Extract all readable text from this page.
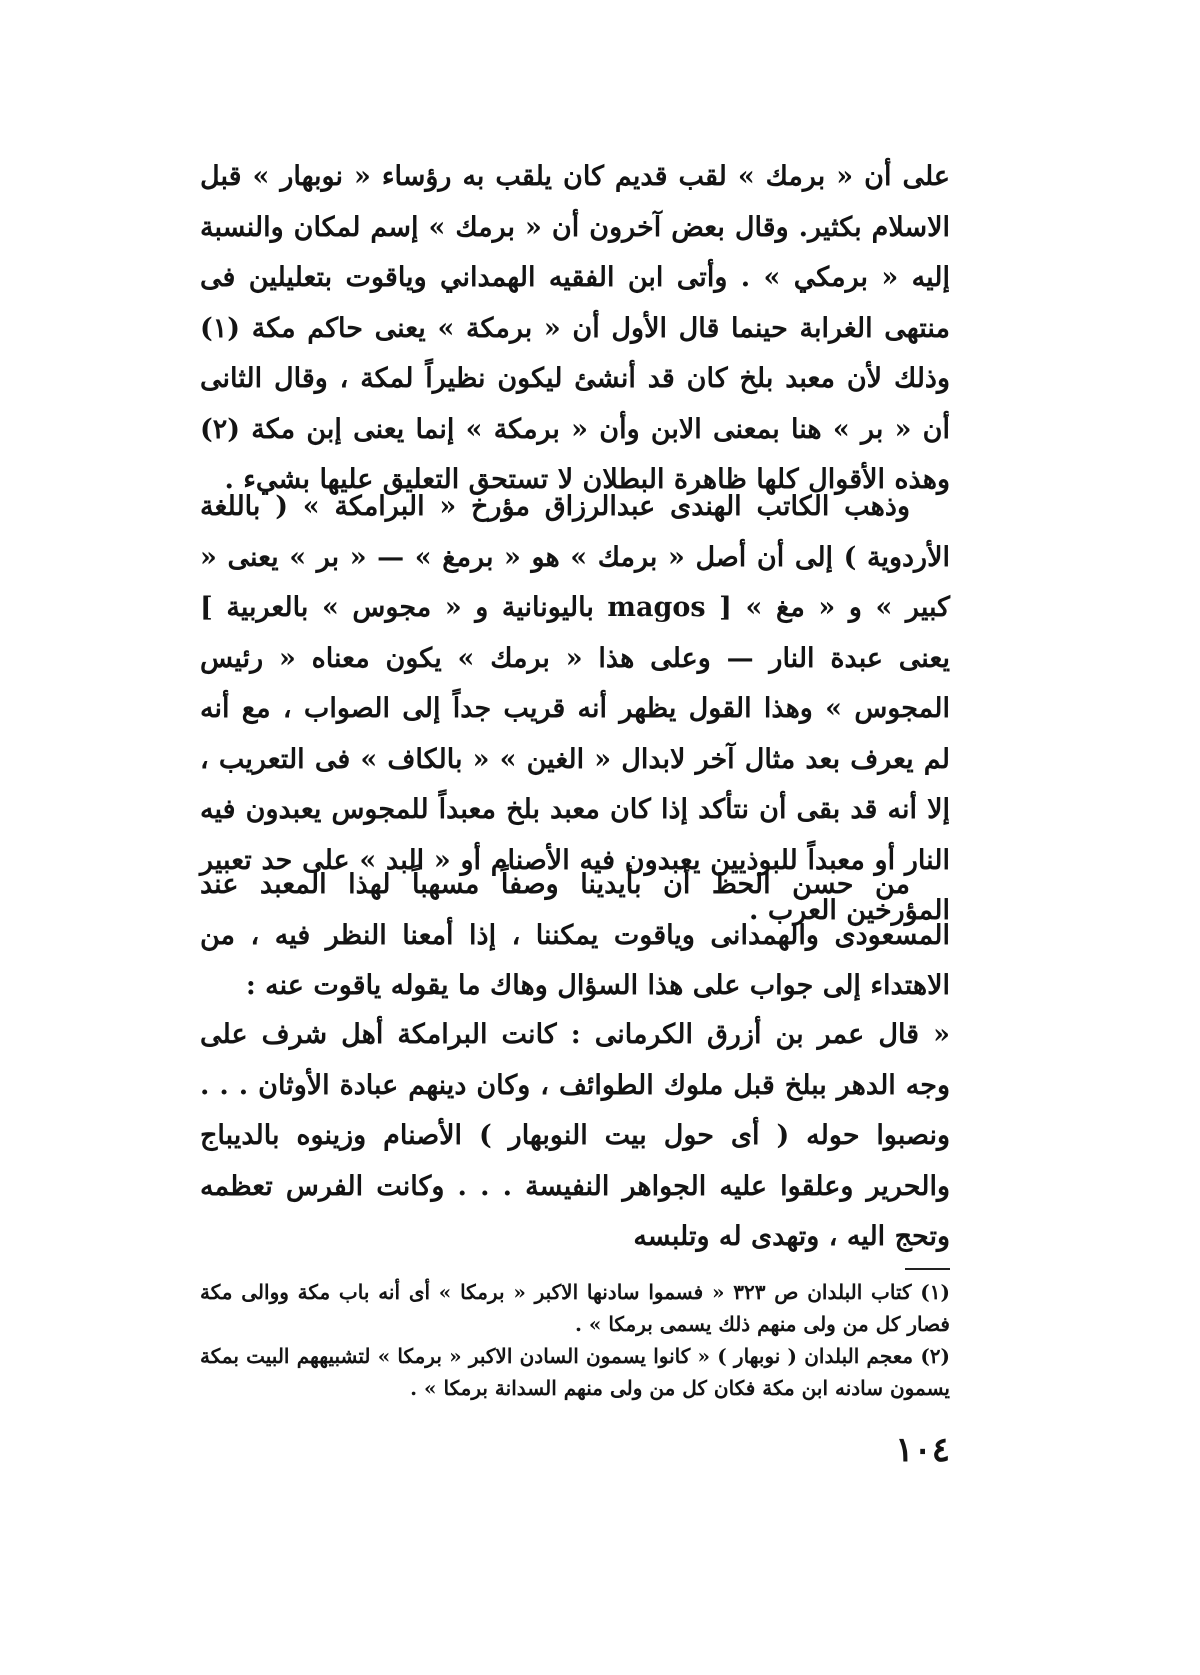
على أن « برمك » لقب قديم كان يلقب به رؤساء « نوبهار » قبل الاسلام بكثير. وقال بعض آخرون أن « برمك » إسم لمكان والنسبة إليه « برمكي » . وأتى ابن الفقيه الهمداني وياقوت بتعليلين فى منتهى الغرابة حينما قال الأول أن « برمكة » يعنى حاكم مكة (١) وذلك لأن معبد بلخ كان قد أنشئ ليكون نظيراً لمكة ، وقال الثانى أن « بر » هنا بمعنى الابن وأن « برمكة » إنما يعنى إبن مكة (٢) وهذه الأقوال كلها ظاهرة البطلان لا تستحق التعليق عليها بشيء .

وذهب الكاتب الهندى عبدالرزاق مؤرخ « البرامكة » ( باللغة الأردوية ) إلى أن أصل « برمك » هو « برمغ » — « بر » يعنى « كبير » و « مغ » [ magos باليونانية و « مجوس » بالعربية ] يعنى عبدة النار — وعلى هذا « برمك » يكون معناه « رئيس المجوس » وهذا القول يظهر أنه قريب جداً إلى الصواب ، مع أنه لم يعرف بعد مثال آخر لابدال « الغين » « بالكاف » فى التعريب ، إلا أنه قد بقى أن نتأكد إذا كان معبد بلخ معبداً للمجوس يعبدون فيه النار أو معبداً للبوذيين يعبدون فيه الأصنام أو « البد » على حد تعبير المؤرخين العرب .

من حسن الحظ أن بأيدينا وصفاً مسهباً لهذا المعبد عند المسعودى والهمدانى وياقوت يمكننا ، إذا أمعنا النظر فيه ، من الاهتداء إلى جواب على هذا السؤال وهاك ما يقوله ياقوت عنه :

« قال عمر بن أزرق الكرمانى : كانت البرامكة أهل شرف على وجه الدهر ببلخ قبل ملوك الطوائف ، وكان دينهم عبادة الأوثان . . . ونصبوا حوله ( أى حول بيت النوبهار ) الأصنام وزينوه بالديباج والحرير وعلقوا عليه الجواهر النفيسة . . . وكانت الفرس تعظمه وتحج اليه ، وتهدى له وتلبسه

(١) كتاب البلدان ص ٣٢٣ « فسموا سادنها الاكبر « برمكا » أى أنه باب مكة ووالى مكة فصار كل من ولى منهم ذلك يسمى برمكا » .

(٢) معجم البلدان ( نوبهار ) « كانوا يسمون السادن الاكبر « برمكا » لتشبيههم البيت بمكة يسمون سادنه ابن مكة فكان كل من ولى منهم السدانة برمكا » .

١٠٤
